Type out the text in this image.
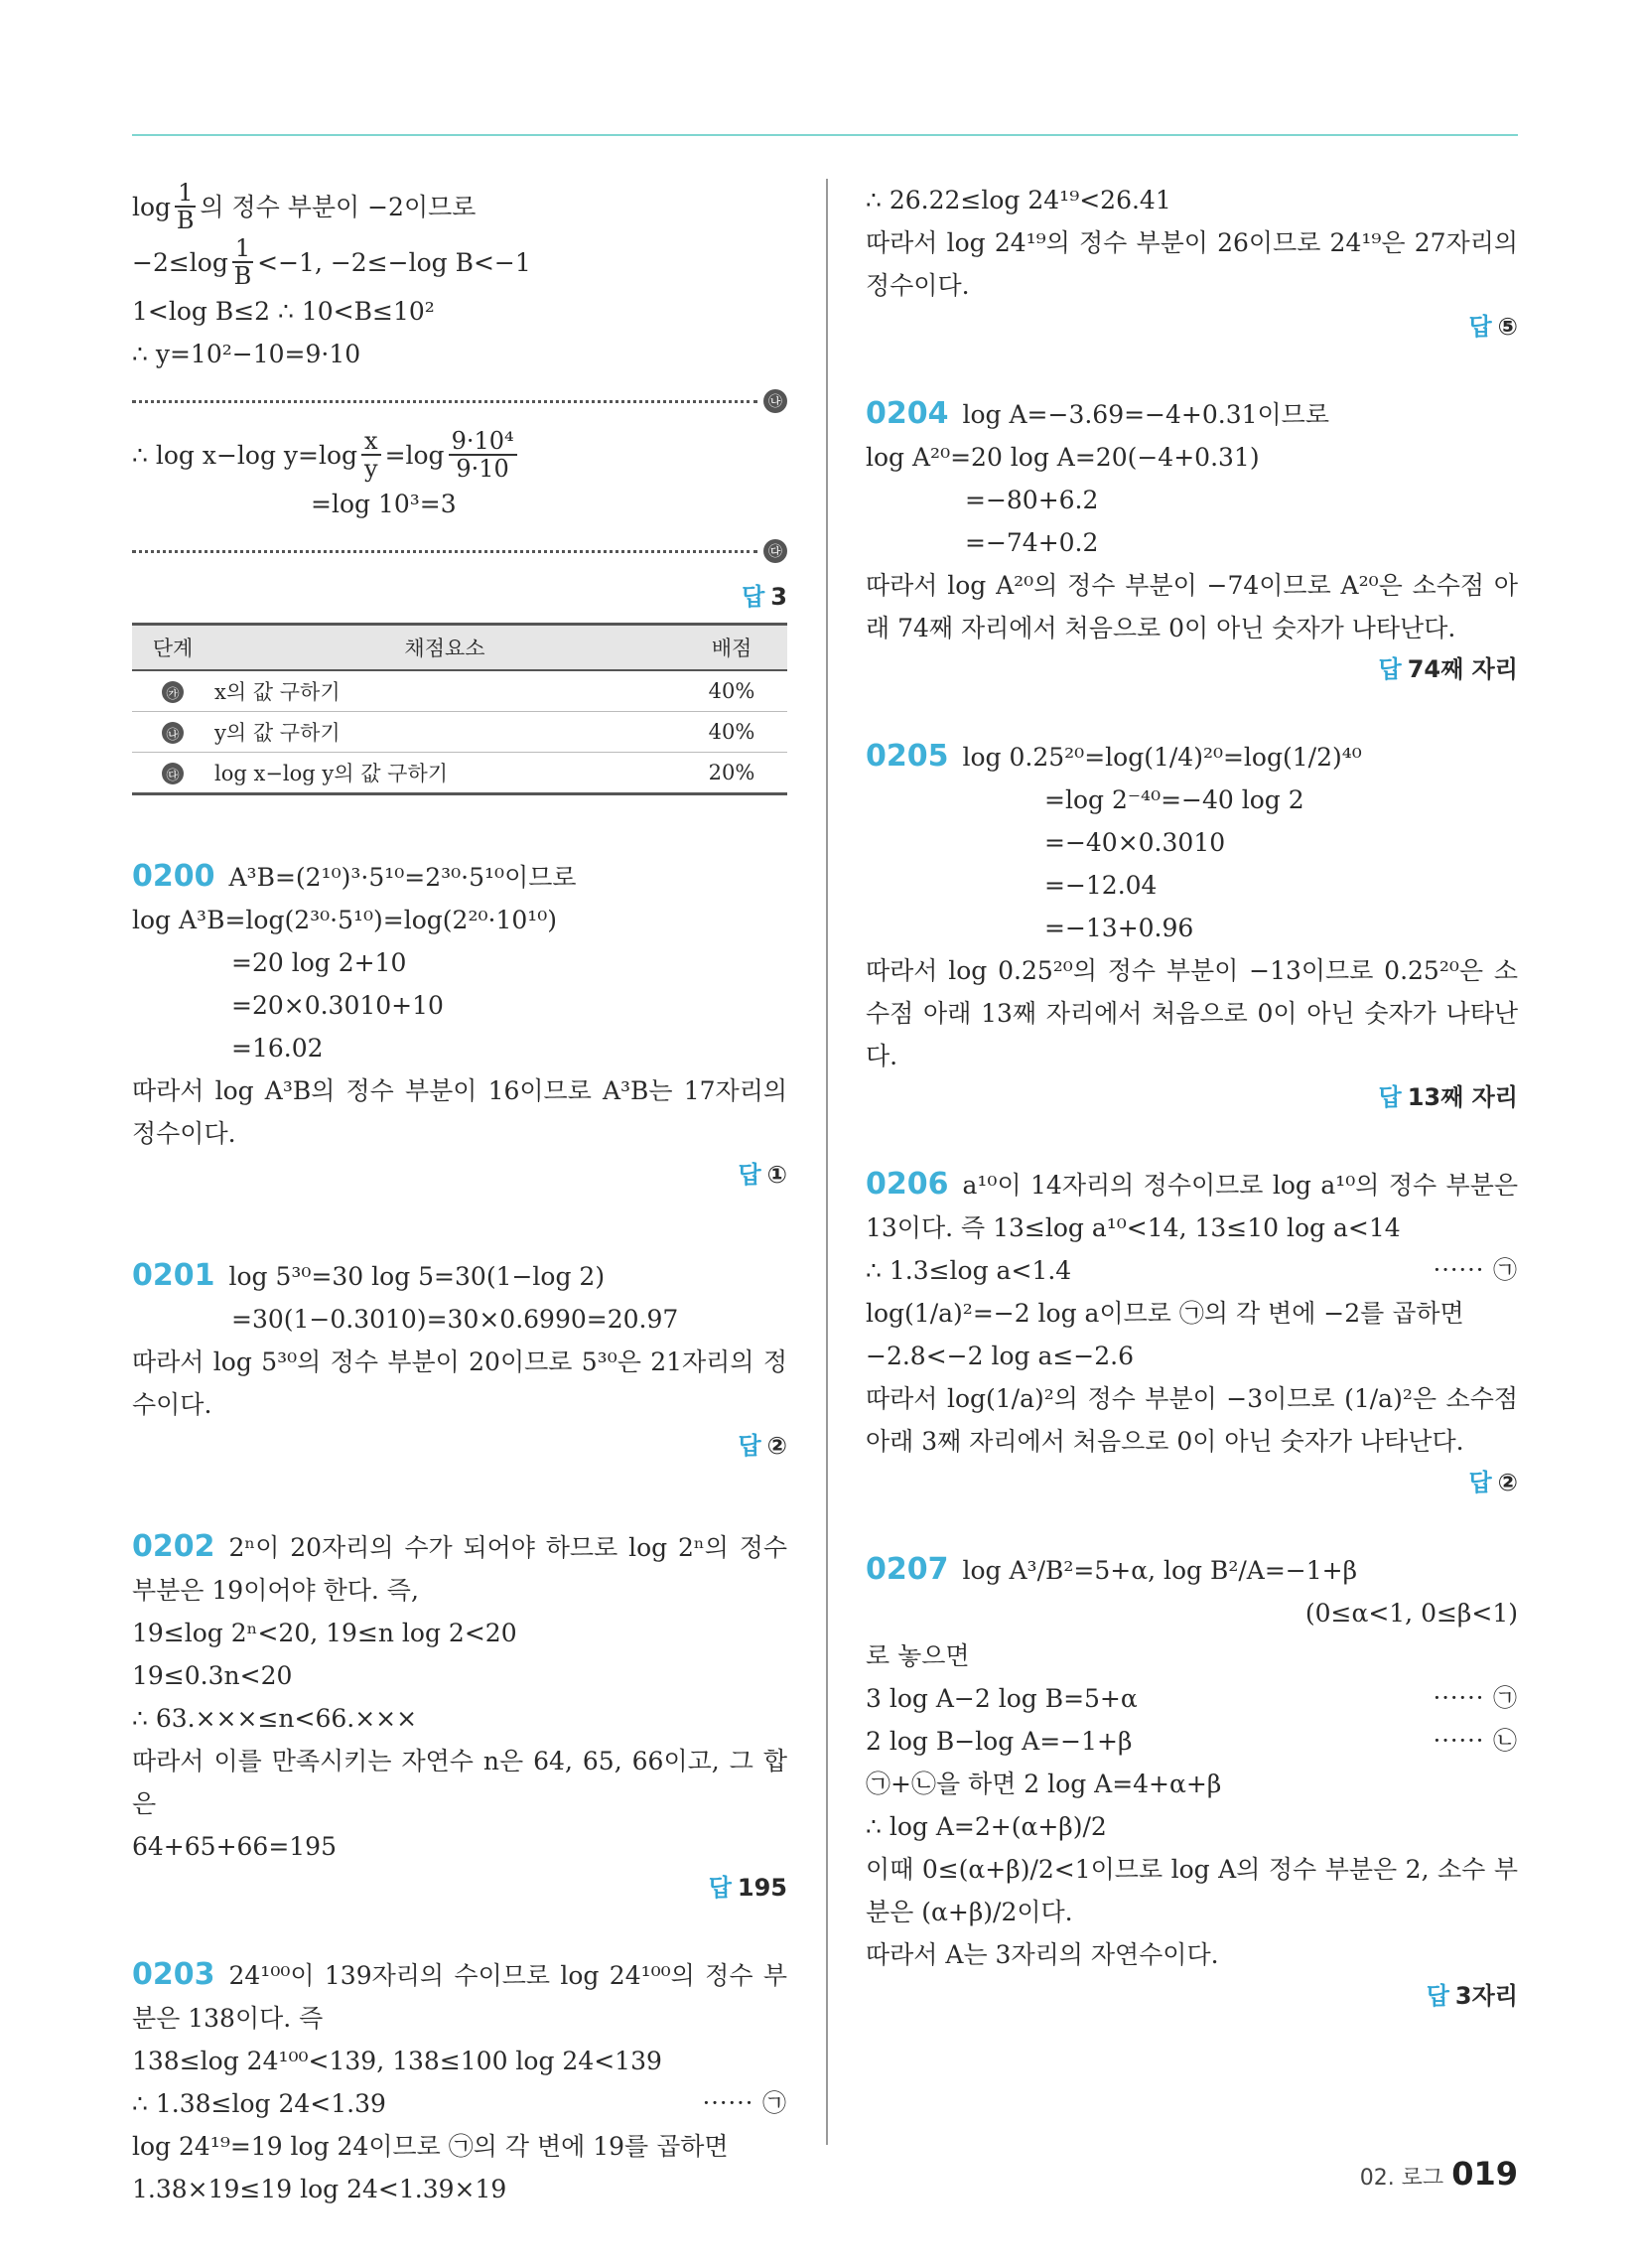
$\log \frac{1}{B}$ 의 정수 부분이 −2이므로
$-2\le\log \frac{1}{B} <-1$, −2≤−log B<−1
1<log B≤2 ∴ 10<B≤10²
∴ y=10²−10=9·10
㉯
∴ log x−log $y=\log \frac{x}{y} =\log \frac{\text{9·10⁴}}{9\cdot 10}$
=log 10³=3
㉰
답 3
단계	채점요소	배점
㉮	x의 값 구하기	40%
㉯	y의 값 구하기	40%
㉰	log x−log y의 값 구하기	20%
0200 A³B=(2¹⁰)³·5¹⁰=2³⁰·5¹⁰이므로
log A³B=log(2³⁰·5¹⁰)=log(2²⁰·10¹⁰)
=20 log 2+10
=20×0.3010+10
=16.02
따라서 log A³B의 정수 부분이 16이므로 A³B는 17자리의 정수이다.
답 ①
0201 log 5³⁰=30 log 5=30(1−log 2)
=30(1−0.3010)=30×0.6990=20.97
따라서 log 5³⁰의 정수 부분이 20이므로 5³⁰은 21자리의 정수이다.
답 ②
0202 2ⁿ이 20자리의 수가 되어야 하므로 log 2ⁿ의 정수 부분은 19이어야 한다. 즉,
19≤log 2ⁿ<20, 19≤n log 2<20
19≤0.3n<20
∴ 63.×××≤n<66.×××
따라서 이를 만족시키는 자연수 n은 64, 65, 66이고, 그 합은
64+65+66=195
답 195
0203 24¹⁰⁰이 139자리의 수이므로 log 24¹⁰⁰의 정수 부분은 138이다. 즉
138≤log 24¹⁰⁰<139, 138≤100 log 24<139
∴ 1.38≤log 24<1.39	······ ㉠
log 24¹⁹=19 log 24이므로 ㉠의 각 변에 19를 곱하면
1.38×19≤19 log 24<1.39×19
∴ 26.22≤log 24¹⁹<26.41
따라서 log 24¹⁹의 정수 부분이 26이므로 24¹⁹은 27자리의 정수이다.
답 ⑤
0204 log A=−3.69=−4+0.31이므로
log A²⁰=20 log A=20(−4+0.31)
=−80+6.2
=−74+0.2
따라서 log A²⁰의 정수 부분이 −74이므로 A²⁰은 소수점 아래 74째 자리에서 처음으로 0이 아닌 숫자가 나타난다.
답 74째 자리
0205 log 0.25²⁰=log(1/4)²⁰=log(1/2)⁴⁰
=log 2⁻⁴⁰=−40 log 2
=−40×0.3010
=−12.04
=−13+0.96
따라서 log 0.25²⁰의 정수 부분이 −13이므로 0.25²⁰은 소수점 아래 13째 자리에서 처음으로 0이 아닌 숫자가 나타난다.
답 13째 자리
0206 a¹⁰이 14자리의 정수이므로 log a¹⁰의 정수 부분은 13이다. 즉 13≤log a¹⁰<14, 13≤10 log a<14
∴ 1.3≤log a<1.4	······ ㉠
log(1/a)²=−2 log a이므로 ㉠의 각 변에 −2를 곱하면
−2.8<−2 log a≤−2.6
따라서 log(1/a)²의 정수 부분이 −3이므로 (1/a)²은 소수점 아래 3째 자리에서 처음으로 0이 아닌 숫자가 나타난다.
답 ②
0207 log A³/B²=5+α, log B²/A=−1+β
(0≤α<1, 0≤β<1)
로 놓으면
3 log A−2 log B=5+α	······ ㉠
2 log B−log A=−1+β	······ ㉡
㉠+㉡을 하면 2 log A=4+α+β
∴ log A=2+(α+β)/2
이때 0≤(α+β)/2<1이므로 log A의 정수 부분은 2, 소수 부분은 (α+β)/2이다.
따라서 A는 3자리의 자연수이다.
답 3자리
02. 로그 019
